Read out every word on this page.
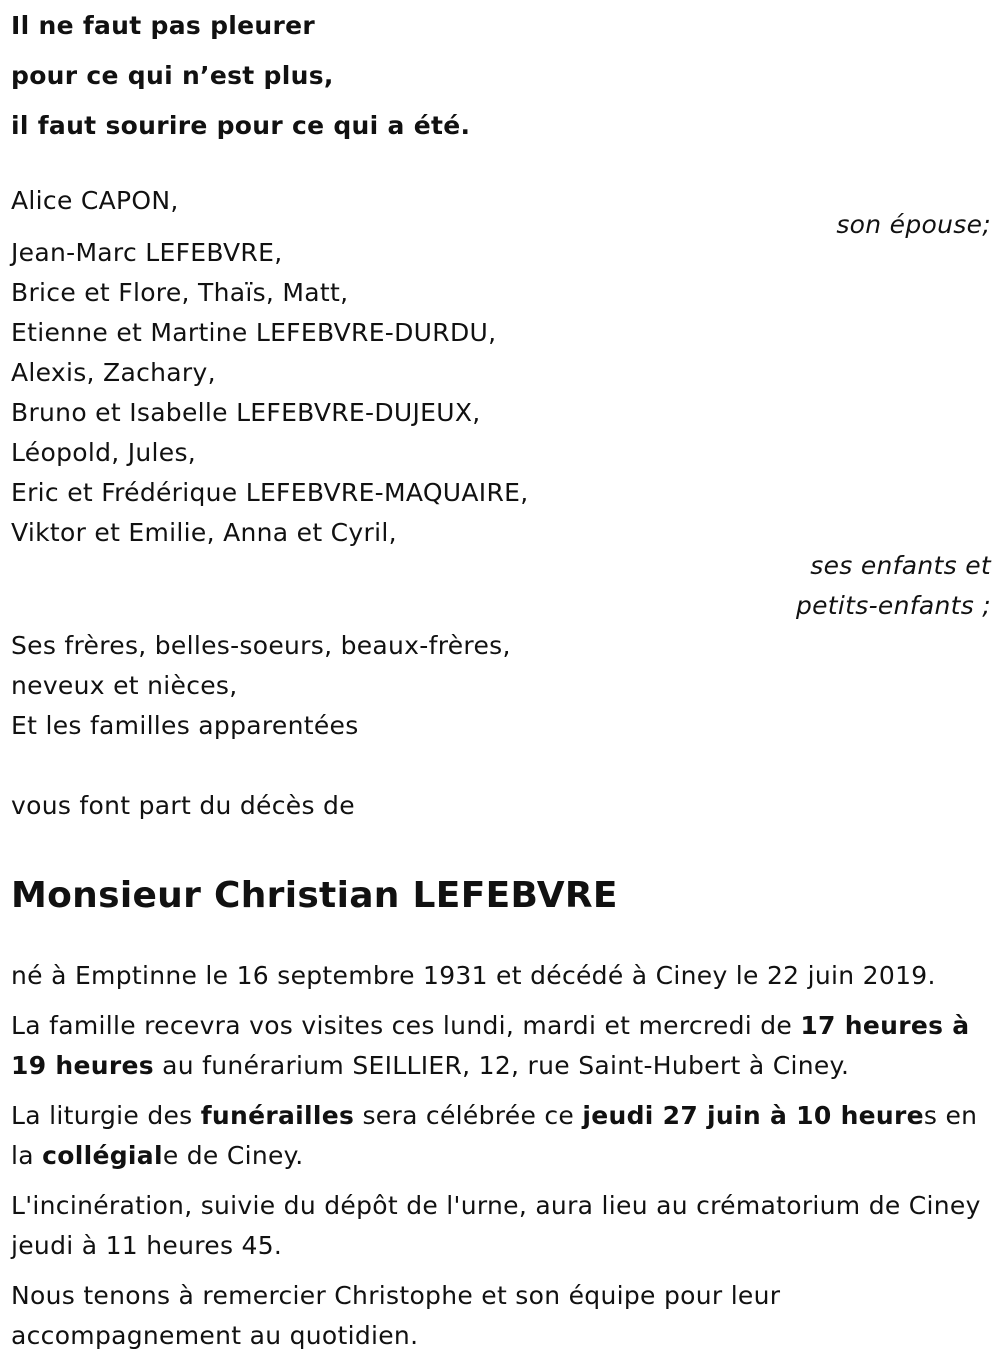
Il ne faut pas pleurer

pour ce qui n’est plus,

il faut sourire pour ce qui a été.

Alice CAPON,

son épouse;

Jean-Marc LEFEBVRE,

Brice et Flore, Thaïs, Matt,

Etienne et Martine LEFEBVRE-DURDU,

Alexis, Zachary,

Bruno et Isabelle LEFEBVRE-DUJEUX,

Léopold, Jules,

Eric et Frédérique LEFEBVRE-MAQUAIRE,

Viktor et Emilie, Anna et Cyril,

ses enfants et

petits-enfants ;

Ses frères, belles-soeurs, beaux-frères,

neveux et nièces,

Et les familles apparentées

vous font part du décès de

Monsieur Christian LEFEBVRE

né à Emptinne le 16 septembre 1931 et décédé à Ciney le 22 juin 2019.

La famille recevra vos visites ces lundi, mardi et mercredi de 17 heures à 19 heures au funérarium SEILLIER, 12, rue Saint-Hubert à Ciney.

La liturgie des funérailles sera célébrée ce jeudi 27 juin à 10 heures en la collégiale de Ciney.

L'incinération, suivie du dépôt de l'urne, aura lieu au crématorium de Ciney jeudi à 11 heures 45.

Nous tenons à remercier Christophe et son équipe pour leur accompagnement au quotidien.
